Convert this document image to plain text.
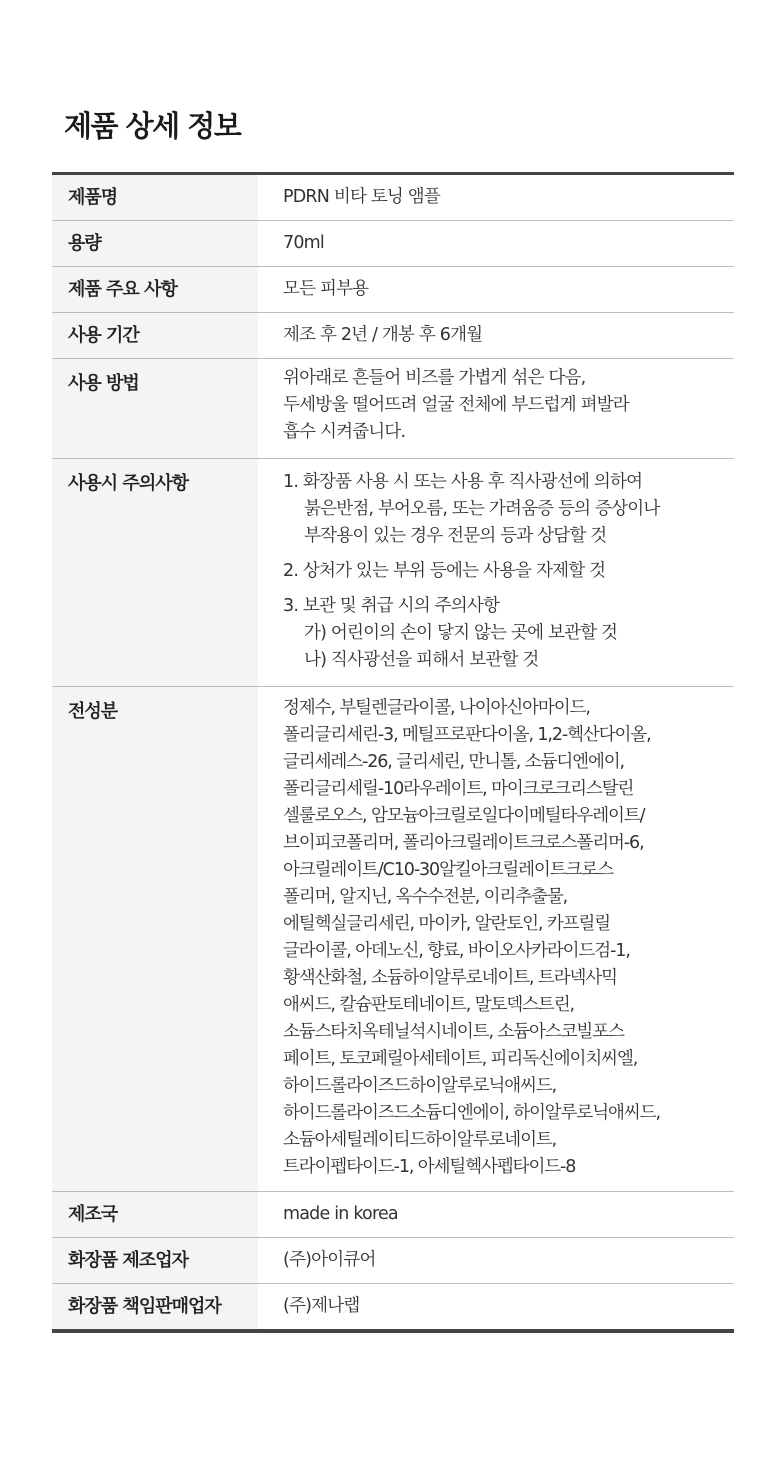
제품 상세 정보
제품명	PDRN 비타 토닝 앰플
용량	70ml
제품 주요 사항	모든 피부용
사용 기간	제조 후 2년 / 개봉 후 6개월
사용 방법	위아래로 흔들어 비즈를 가볍게 섞은 다음,
두세방울 떨어뜨려 얼굴 전체에 부드럽게 펴발라
흡수 시켜줍니다.
사용시 주의사항	1. 화장품 사용 시 또는 사용 후 직사광선에 의하여
붉은반점, 부어오름, 또는 가려움증 등의 증상이나
부작용이 있는 경우 전문의 등과 상담할 것
2. 상처가 있는 부위 등에는 사용을 자제할 것
3. 보관 및 취급 시의 주의사항
가) 어린이의 손이 닿지 않는 곳에 보관할 것
나) 직사광선을 피해서 보관할 것
전성분	정제수, 부틸렌글라이콜, 나이아신아마이드,
폴리글리세린-3, 메틸프로판다이올, 1,2-헥산다이올,
글리세레스-26, 글리세린, 만니톨, 소듐디엔에이,
폴리글리세릴-10라우레이트, 마이크로크리스탈린
셀룰로오스, 암모늄아크릴로일다이메틸타우레이트/
브이피코폴리머, 폴리아크릴레이트크로스폴리머-6,
아크릴레이트/C10-30알킬아크릴레이트크로스
폴리머, 알지닌, 옥수수전분, 이리추출물,
에틸헥실글리세린, 마이카, 알란토인, 카프릴릴
글라이콜, 아데노신, 향료, 바이오사카라이드검-1,
황색산화철, 소듐하이알루로네이트, 트라넥사믹
애씨드, 칼슘판토테네이트, 말토덱스트린,
소듐스타치옥테닐석시네이트, 소듐아스코빌포스
페이트, 토코페릴아세테이트, 피리독신에이치씨엘,
하이드롤라이즈드하이알루로닉애씨드,
하이드롤라이즈드소듐디엔에이, 하이알루로닉애씨드,
소듐아세틸레이티드하이알루로네이트,
트라이펩타이드-1, 아세틸헥사펩타이드-8
제조국	made in korea
화장품 제조업자	(주)아이큐어
화장품 책임판매업자	(주)제나랩
